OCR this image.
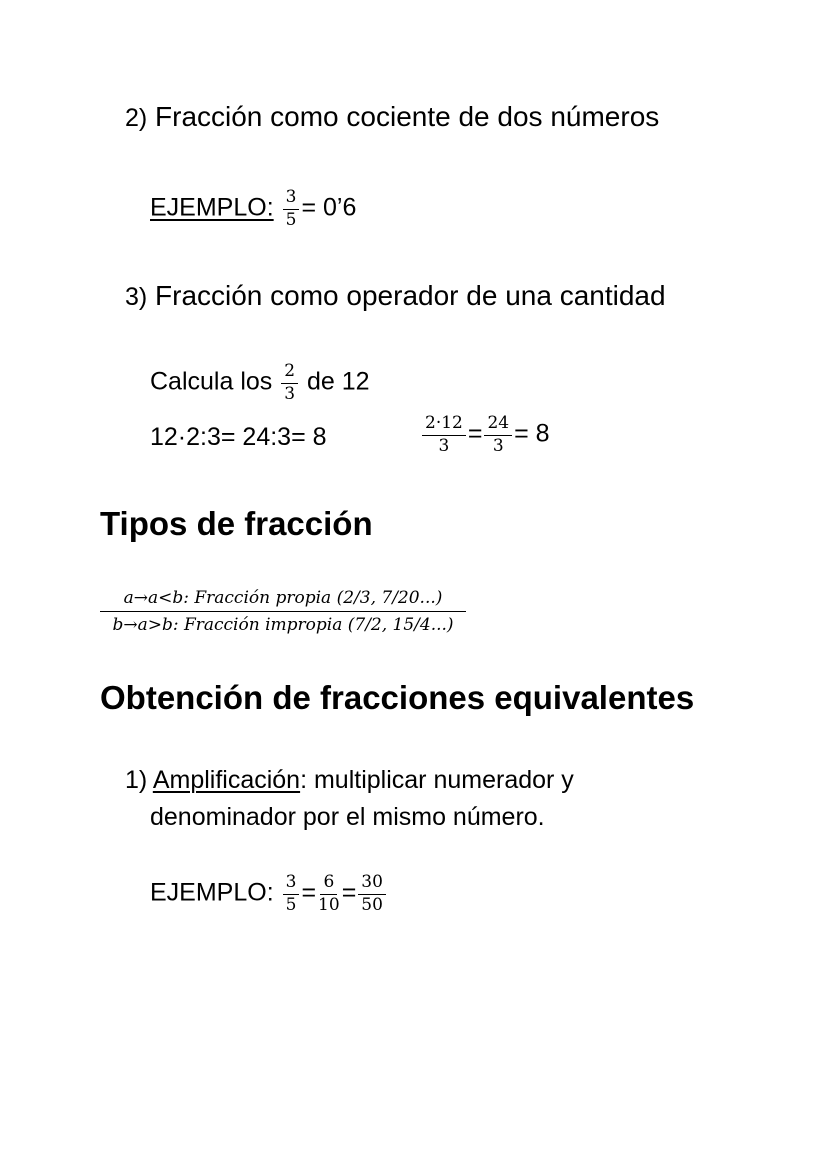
2) Fracción como cociente de dos números
EJEMPLO: $\frac{3}{5}$ = 0’6
3) Fracción como operador de una cantidad
Calcula los $\frac{2}{3}$ de 12
12·2:3= 24:3= 8	$\frac{2\cdot 12}{3} = \frac{24}{3} = 8$
Tipos de fracción
a→a<b: Fracción propia (2/3, 7/20...)
b→a>b: Fracción impropia (7/2, 15/4...)
Obtención de fracciones equivalentes
1) Amplificación: multiplicar numerador y
denominador por el mismo número.
EJEMPLO: $\frac{3}{5} = \frac{6}{10} = \frac{30}{50}$
